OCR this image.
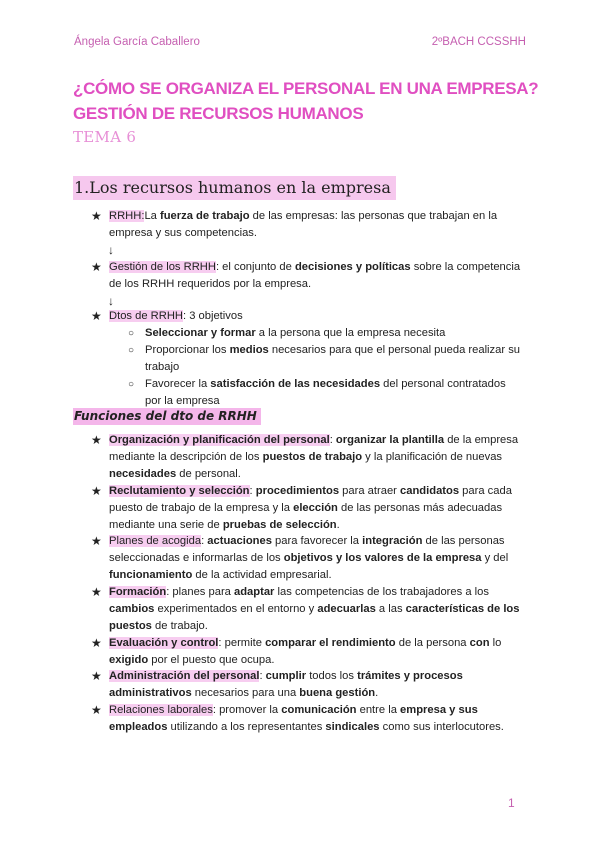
Ángela García Caballero	2ºBACH CCSSHH
¿CÓMO SE ORGANIZA EL PERSONAL EN UNA EMPRESA? GESTIÓN DE RECURSOS HUMANOS
TEMA 6
1.Los recursos humanos en la empresa
★ RRHH:La fuerza de trabajo de las empresas: las personas que trabajan en la empresa y sus competencias.
↓
★ Gestión de los RRHH: el conjunto de decisiones y políticas sobre la competencia de los RRHH requeridos por la empresa.
↓
★ Dtos de RRHH: 3 objetivos
○ Seleccionar y formar a la persona que la empresa necesita
○ Proporcionar los medios necesarios para que el personal pueda realizar su trabajo
○ Favorecer la satisfacción de las necesidades del personal contratados por la empresa
Funciones del dto de RRHH
★ Organización y planificación del personal: organizar la plantilla de la empresa mediante la descripción de los puestos de trabajo y la planificación de nuevas necesidades de personal.
★ Reclutamiento y selección: procedimientos para atraer candidatos para cada puesto de trabajo de la empresa y la elección de las personas más adecuadas mediante una serie de pruebas de selección.
★ Planes de acogida: actuaciones para favorecer la integración de las personas seleccionadas e informarlas de los objetivos y los valores de la empresa y del funcionamiento de la actividad empresarial.
★ Formación: planes para adaptar las competencias de los trabajadores a los cambios experimentados en el entorno y adecuarlas a las características de los puestos de trabajo.
★ Evaluación y control: permite comparar el rendimiento de la persona con lo exigido por el puesto que ocupa.
★ Administración del personal: cumplir todos los trámites y procesos administrativos necesarios para una buena gestión.
★ Relaciones laborales: promover la comunicación entre la empresa y sus empleados utilizando a los representantes sindicales como sus interlocutores.
1
